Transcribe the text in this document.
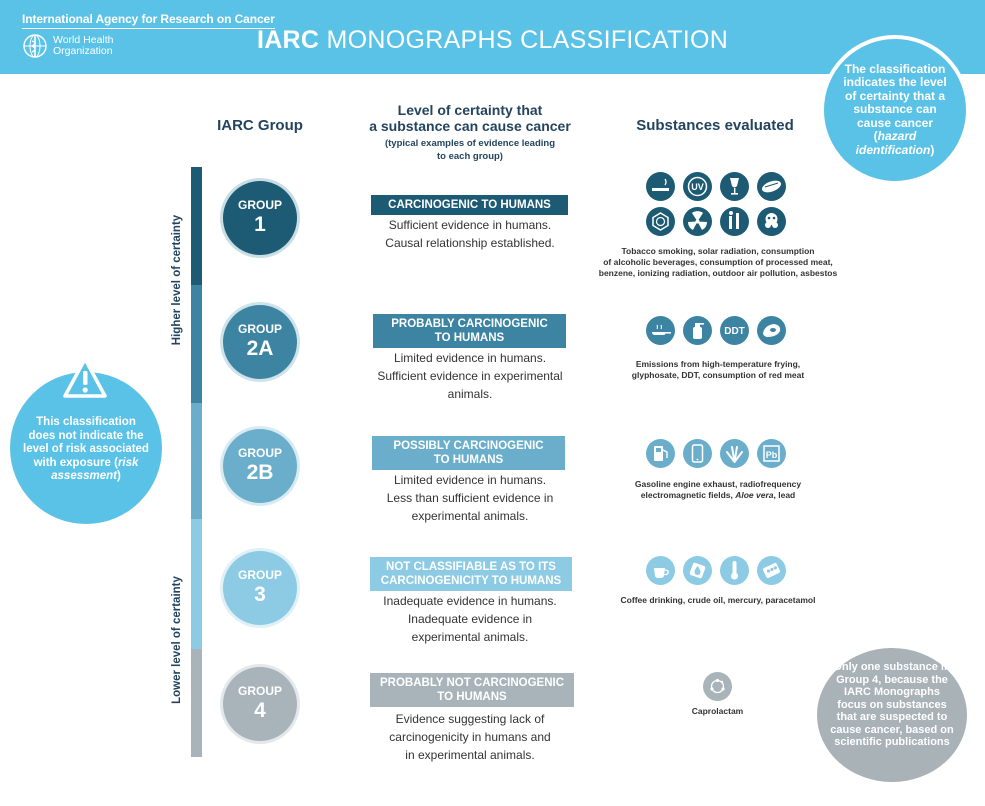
International Agency for Research on Cancer
World Health
Organization	IARC MONOGRAPHS CLASSIFICATION
The classification indicates the level of certainty that a substance can cause cancer (hazard identification)
IARC Group
Level of certainty that
a substance can cause cancer
(typical examples of evidence leading
to each group)
Substances evaluated
Higher level of certainty
Lower level of certainty
This classification does not indicate the level of risk associated with exposure (risk assessment)
GROUP
1
GROUP
2A
GROUP
2B
GROUP
3
GROUP
4
CARCINOGENIC TO HUMANS
Sufficient evidence in humans.
Causal relationship established.
PROBABLY CARCINOGENIC
TO HUMANS
Limited evidence in humans.
Sufficient evidence in experimental
animals.
POSSIBLY CARCINOGENIC
TO HUMANS
Limited evidence in humans.
Less than sufficient evidence in
experimental animals.
NOT CLASSIFIABLE AS TO ITS
CARCINOGENICITY TO HUMANS
Inadequate evidence in humans.
Inadequate evidence in
experimental animals.
PROBABLY NOT CARCINOGENIC
TO HUMANS
Evidence suggesting lack of
carcinogenicity in humans and
in experimental animals.
UV
Tobacco smoking, solar radiation, consumption
of alcoholic beverages, consumption of processed meat,
benzene, ionizing radiation, outdoor air pollution, asbestos
DDT
Emissions from high-temperature frying,
glyphosate, DDT, consumption of red meat
Pb
Gasoline engine exhaust, radiofrequency
electromagnetic fields, Aloe vera, lead
Coffee drinking, crude oil, mercury, paracetamol
Caprolactam
Only one substance in Group 4, because the IARC Monographs focus on substances that are suspected to cause cancer, based on scientific publications
